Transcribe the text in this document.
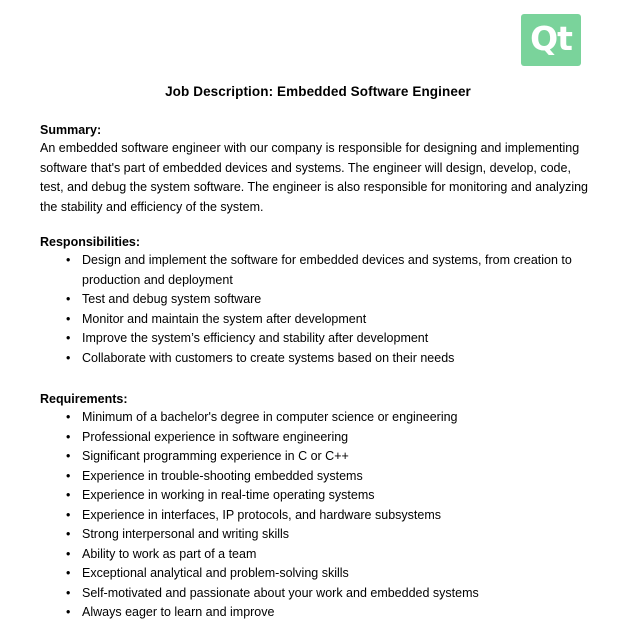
Qt
Job Description: Embedded Software Engineer
Summary:

An embedded software engineer with our company is responsible for designing and implementing software that's part of embedded devices and systems. The engineer will design, develop, code, test, and debug the system software. The engineer is also responsible for monitoring and analyzing the stability and efficiency of the system.

Responsibilities:
• Design and implement the software for embedded devices and systems, from creation to production and deployment
• Test and debug system software
• Monitor and maintain the system after development
• Improve the system’s efficiency and stability after development
• Collaborate with customers to create systems based on their needs
Requirements:
• Minimum of a bachelor's degree in computer science or engineering
• Professional experience in software engineering
• Significant programming experience in C or C++
• Experience in trouble-shooting embedded systems
• Experience in working in real-time operating systems
• Experience in interfaces, IP protocols, and hardware subsystems
• Strong interpersonal and writing skills
• Ability to work as part of a team
• Exceptional analytical and problem-solving skills
• Self-motivated and passionate about your work and embedded systems
• Always eager to learn and improve
